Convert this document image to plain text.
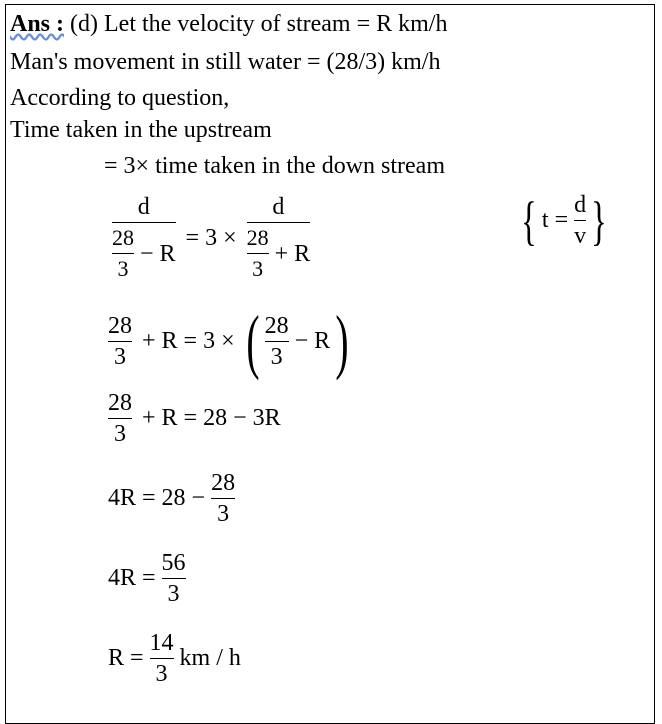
Ans : (d) Let the velocity of stream = R km/h
Man's movement in still water = (28/3) km/h
According to question,
Time taken in the upstream
= 3× time taken in the down stream
$\frac{d}{\frac{28}{3} - R} = 3 \times \frac{d}{\frac{28}{3} + R}$	{ $t = \frac{d}{v}$ }
$\frac{28}{3} + R = 3$ × ( $\frac{28}{3} - R$)
$\frac{28}{3} + R = 28 - 3R$
$4R = 28 - \frac{28}{3}$
$4R = \frac{56}{3}$
$R = \frac{14}{3}$ km / h
